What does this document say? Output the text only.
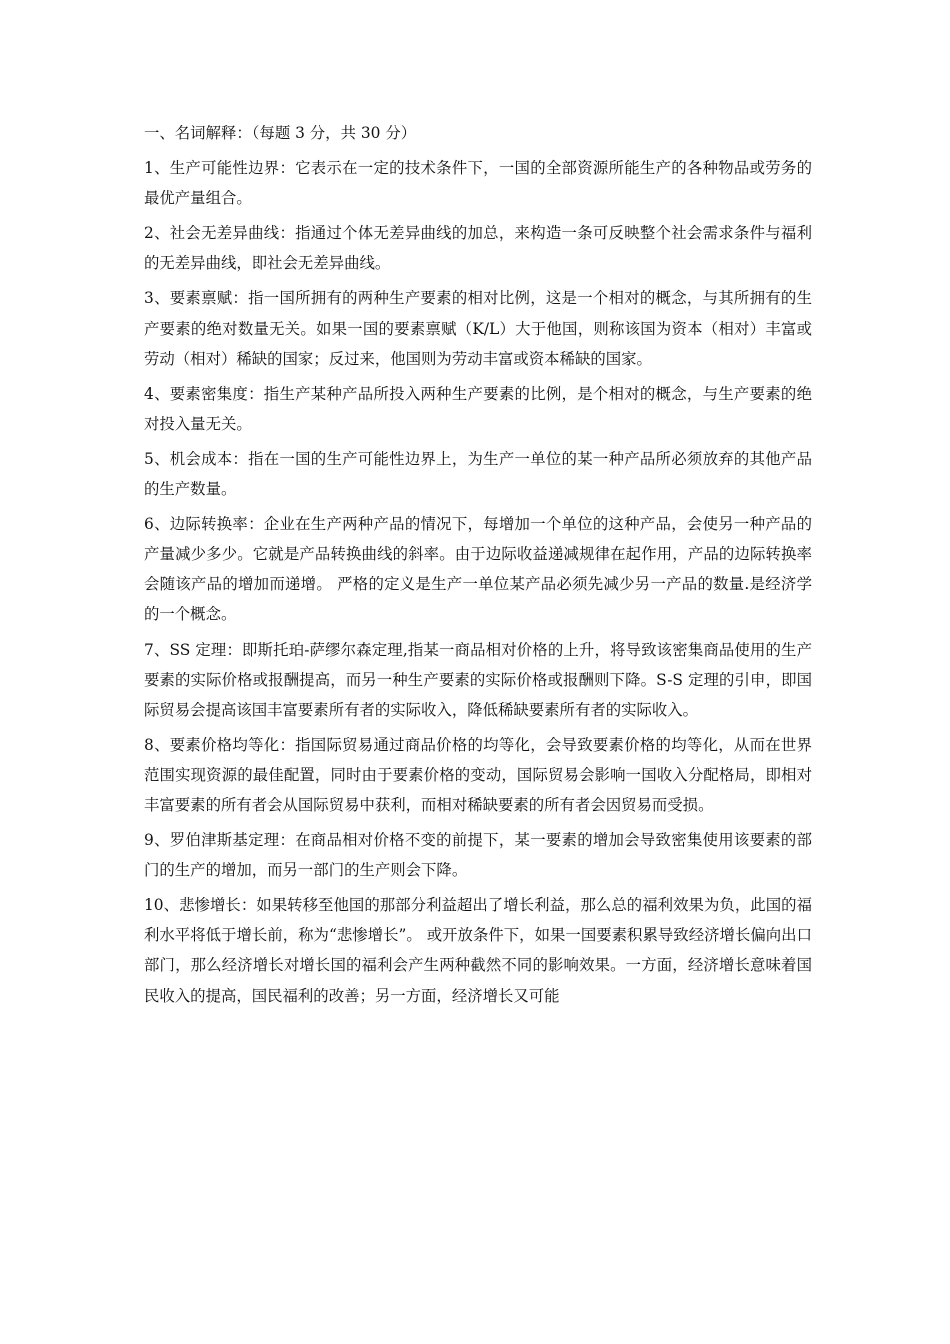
一、名词解释：（每题 3 分，共 30 分）

1、生产可能性边界：它表示在一定的技术条件下，一国的全部资源所能生产的各种物品或劳务的最优产量组合。

2、社会无差异曲线：指通过个体无差异曲线的加总，来构造一条可反映整个社会需求条件与福利的无差异曲线，即社会无差异曲线。

3、要素禀赋：指一国所拥有的两种生产要素的相对比例，这是一个相对的概念，与其所拥有的生产要素的绝对数量无关。如果一国的要素禀赋（K/L）大于他国，则称该国为资本（相对）丰富或劳动（相对）稀缺的国家；反过来，他国则为劳动丰富或资本稀缺的国家。

4、要素密集度：指生产某种产品所投入两种生产要素的比例，是个相对的概念，与生产要素的绝对投入量无关。

5、机会成本：指在一国的生产可能性边界上，为生产一单位的某一种产品所必须放弃的其他产品的生产数量。

6、边际转换率：企业在生产两种产品的情况下，每增加一个单位的这种产品，会使另一种产品的产量减少多少。它就是产品转换曲线的斜率。由于边际收益递减规律在起作用，产品的边际转换率会随该产品的增加而递增。 严格的定义是生产一单位某产品必须先减少另一产品的数量.是经济学的一个概念。

7、SS 定理：即斯托珀-萨缪尔森定理,指某一商品相对价格的上升，将导致该密集商品使用的生产要素的实际价格或报酬提高，而另一种生产要素的实际价格或报酬则下降。S-S 定理的引申，即国际贸易会提高该国丰富要素所有者的实际收入，降低稀缺要素所有者的实际收入。

8、要素价格均等化：指国际贸易通过商品价格的均等化，会导致要素价格的均等化，从而在世界范围实现资源的最佳配置，同时由于要素价格的变动，国际贸易会影响一国收入分配格局，即相对丰富要素的所有者会从国际贸易中获利，而相对稀缺要素的所有者会因贸易而受损。

9、罗伯津斯基定理：在商品相对价格不变的前提下，某一要素的增加会导致密集使用该要素的部门的生产的增加，而另一部门的生产则会下降。

10、悲惨增长：如果转移至他国的那部分利益超出了增长利益，那么总的福利效果为负，此国的福利水平将低于增长前，称为“悲惨增长”。 或开放条件下，如果一国要素积累导致经济增长偏向出口部门，那么经济增长对增长国的福利会产生两种截然不同的影响效果。一方面，经济增长意味着国民收入的提高，国民福利的改善；另一方面，经济增长又可能
